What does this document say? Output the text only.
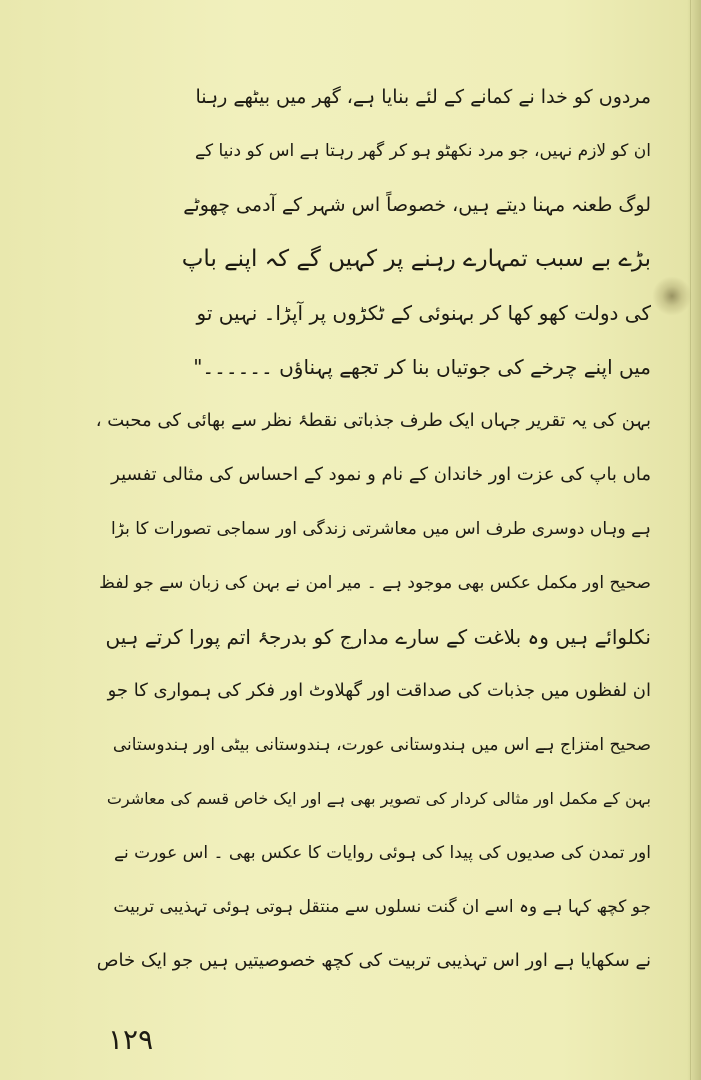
مردوں کو خدا نے کمانے کے لئے بنایا ہے، گھر میں بیٹھے رہنا
ان کو لازم نہیں، جو مرد نکھٹو ہو کر گھر رہتا ہے اس کو دنیا کے
لوگ طعنہ مہنا دیتے ہیں، خصوصاً اس شہر کے آدمی چھوٹے
بڑے بے سبب تمہارے رہنے پر کہیں گے کہ اپنے باپ
کی دولت کھو کھا کر بہنوئی کے ٹکڑوں پر آپڑا۔ نہیں تو
میں اپنے چرخے کی جوتیاں بنا کر تجھے پہناؤں ۔۔۔۔۔۔"
بہن کی یہ تقریر جہاں ایک طرف جذباتی نقطۂ نظر سے بھائی کی محبت ،
ماں باپ کی عزت اور خاندان کے نام و نمود کے احساس کی مثالی تفسیر
ہے وہاں دوسری طرف اس میں معاشرتی زندگی اور سماجی تصورات کا بڑا
صحیح اور مکمل عکس بھی موجود ہے ۔ میر امن نے بہن کی زبان سے جو لفظ
نکلوائے ہیں وہ بلاغت کے سارے مدارج کو بدرجۂ اتم پورا کرتے ہیں
ان لفظوں میں جذبات کی صداقت اور گھلاوٹ اور فکر کی ہمواری کا جو
صحیح امتزاج ہے اس میں ہندوستانی عورت، ہندوستانی بیٹی اور ہندوستانی
بہن کے مکمل اور مثالی کردار کی تصویر بھی ہے اور ایک خاص قسم کی معاشرت
اور تمدن کی صدیوں کی پیدا کی ہوئی روایات کا عکس بھی ۔ اس عورت نے
جو کچھ کہا ہے وہ اسے ان گنت نسلوں سے منتقل ہوتی ہوئی تہذیبی تربیت
نے سکھایا ہے اور اس تہذیبی تربیت کی کچھ خصوصیتیں ہیں جو ایک خاص
۱۲۹
